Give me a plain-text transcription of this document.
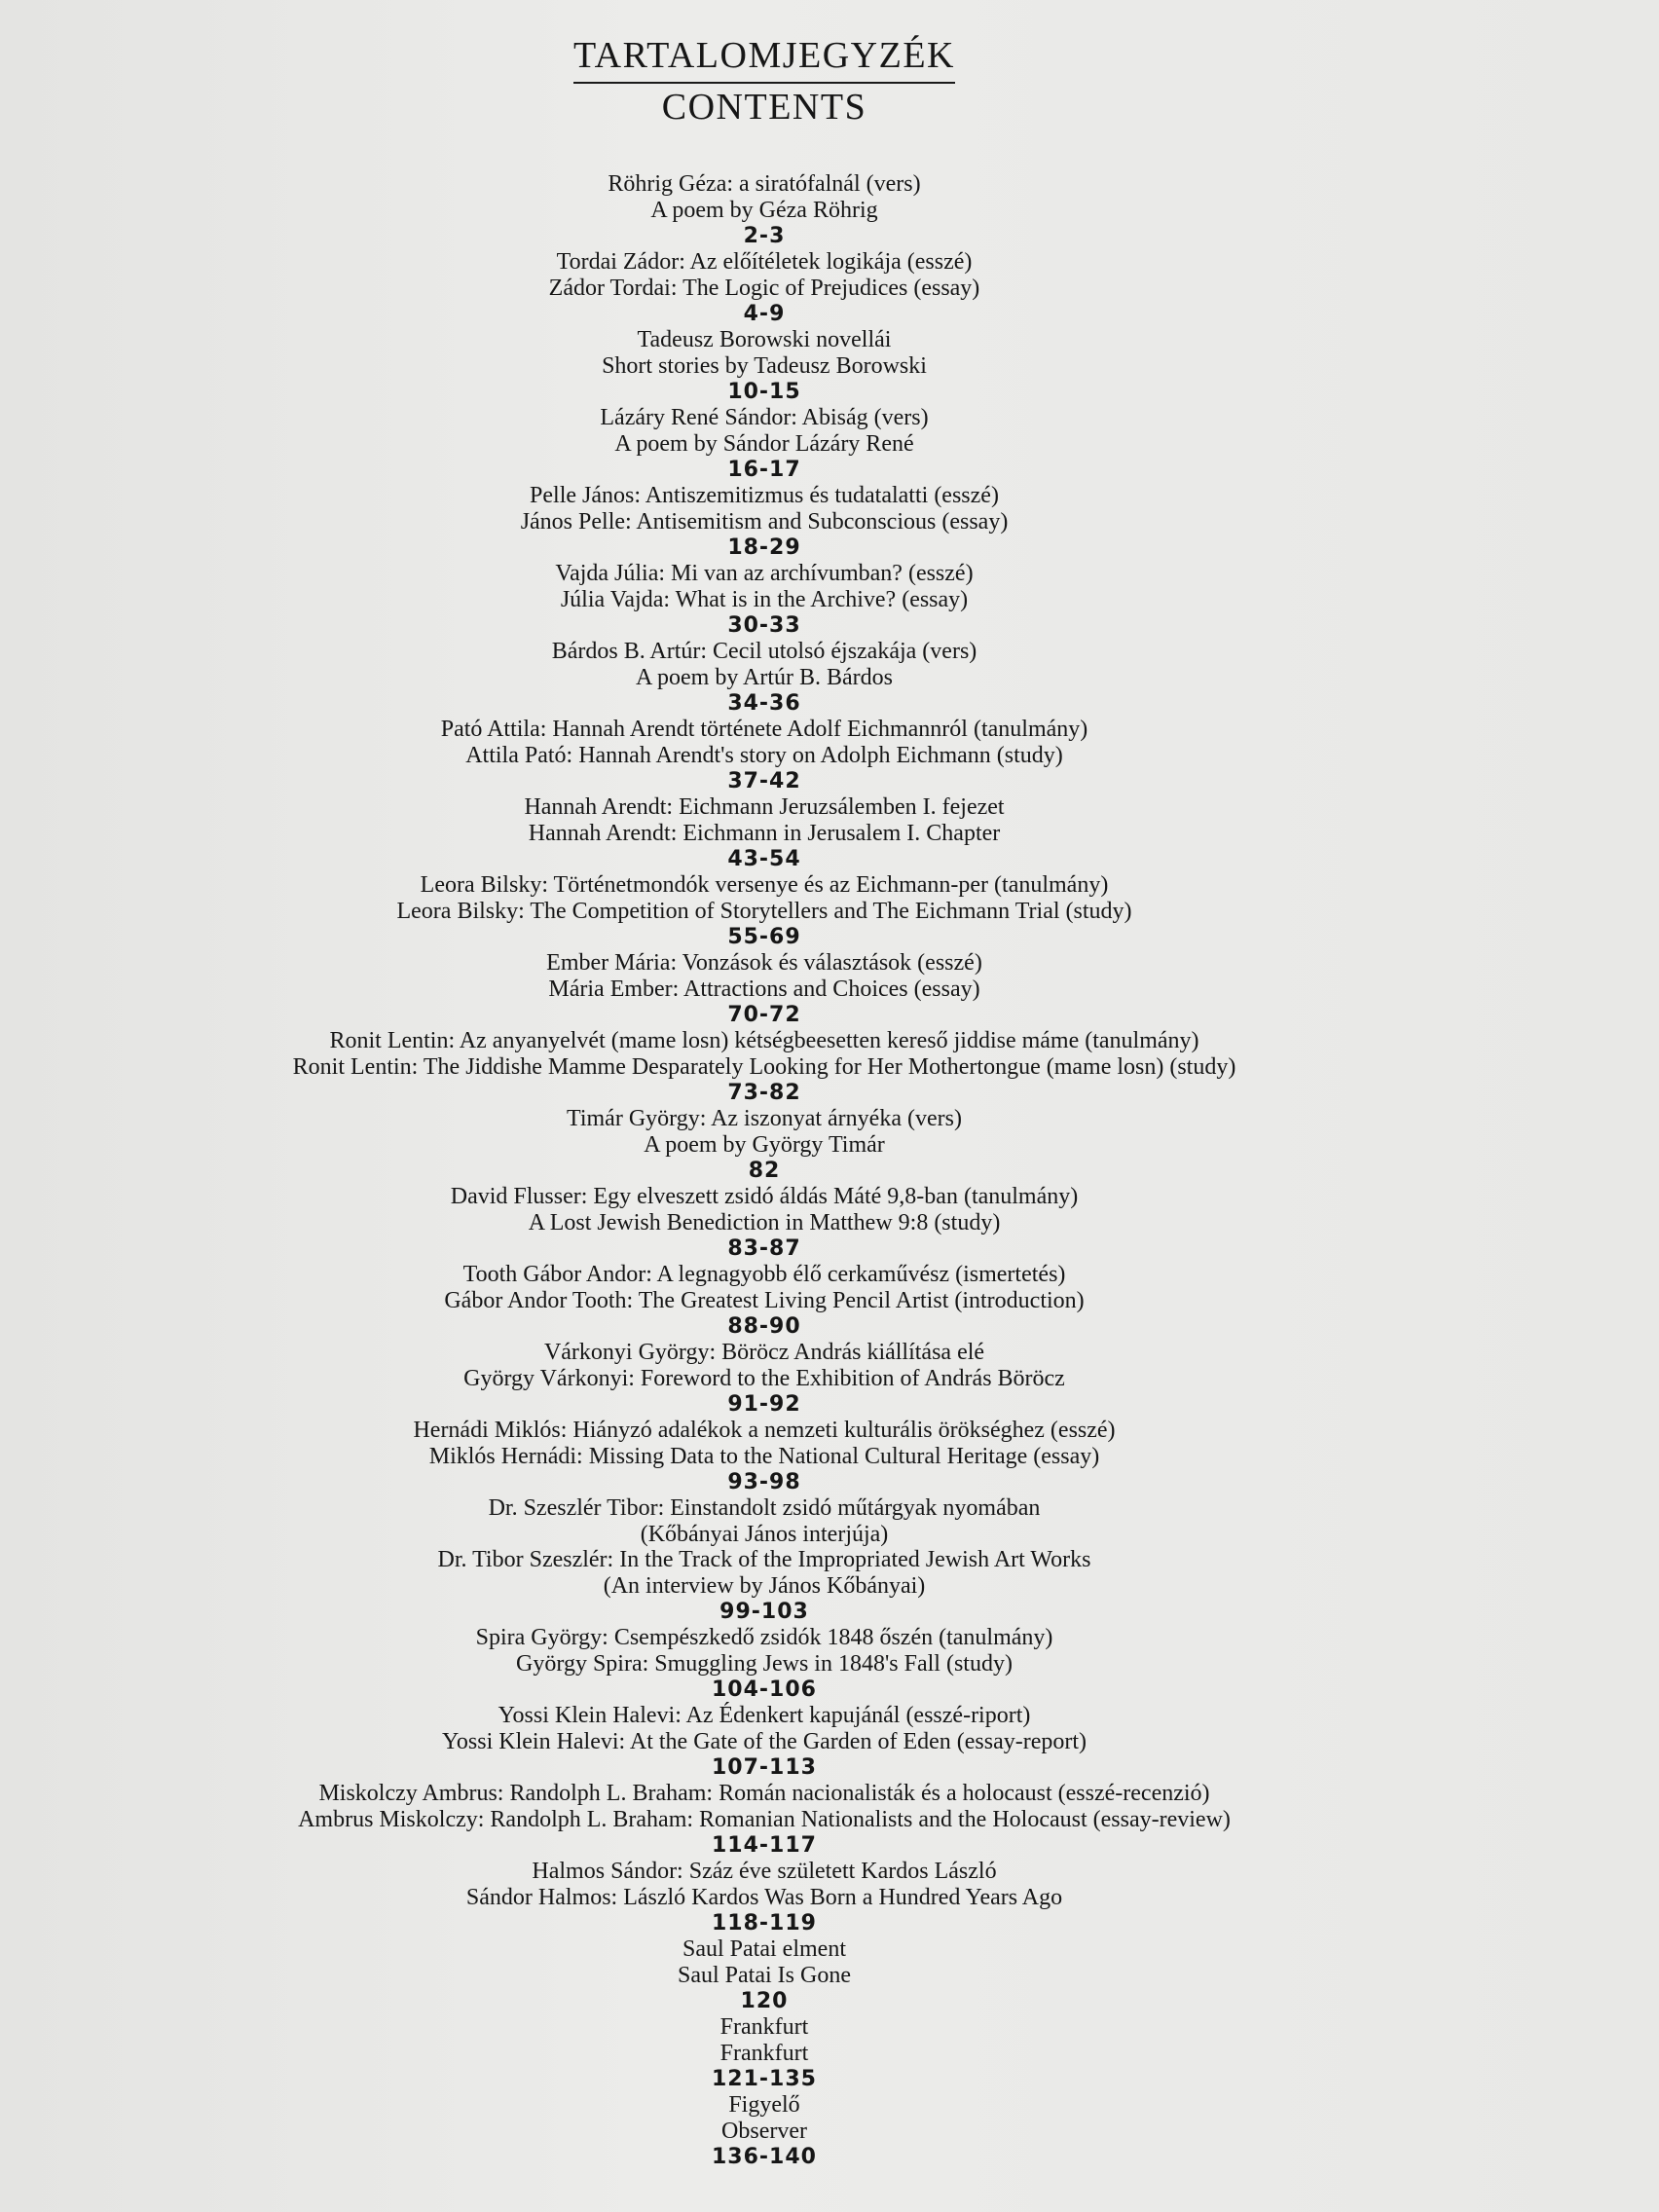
TARTALOMJEGYZÉK
CONTENTS
Röhrig Géza: a siratófalnál (vers)
A poem by Géza Röhrig
2-3
Tordai Zádor: Az előítéletek logikája (esszé)
Zádor Tordai: The Logic of Prejudices (essay)
4-9
Tadeusz Borowski novellái
Short stories by Tadeusz Borowski
10-15
Lázáry René Sándor: Abiság (vers)
A poem by Sándor Lázáry René
16-17
Pelle János: Antiszemitizmus és tudatalatti (esszé)
János Pelle: Antisemitism and Subconscious (essay)
18-29
Vajda Júlia: Mi van az archívumban? (esszé)
Júlia Vajda: What is in the Archive? (essay)
30-33
Bárdos B. Artúr: Cecil utolsó éjszakája (vers)
A poem by Artúr B. Bárdos
34-36
Pató Attila: Hannah Arendt története Adolf Eichmannról (tanulmány)
Attila Pató: Hannah Arendt's story on Adolph Eichmann (study)
37-42
Hannah Arendt: Eichmann Jeruzsálemben I. fejezet
Hannah Arendt: Eichmann in Jerusalem I. Chapter
43-54
Leora Bilsky: Történetmondók versenye és az Eichmann-per (tanulmány)
Leora Bilsky: The Competition of Storytellers and The Eichmann Trial (study)
55-69
Ember Mária: Vonzások és választások (esszé)
Mária Ember: Attractions and Choices (essay)
70-72
Ronit Lentin: Az anyanyelvét (mame losn) kétségbeesetten kereső jiddise máme (tanulmány)
Ronit Lentin: The Jiddishe Mamme Desparately Looking for Her Mothertongue (mame losn) (study)
73-82
Timár György: Az iszonyat árnyéka (vers)
A poem by György Timár
82
David Flusser: Egy elveszett zsidó áldás Máté 9,8-ban (tanulmány)
A Lost Jewish Benediction in Matthew 9:8 (study)
83-87
Tooth Gábor Andor: A legnagyobb élő cerkaművész (ismertetés)
Gábor Andor Tooth: The Greatest Living Pencil Artist (introduction)
88-90
Várkonyi György: Böröcz András kiállítása elé
György Várkonyi: Foreword to the Exhibition of András Böröcz
91-92
Hernádi Miklós: Hiányzó adalékok a nemzeti kulturális örökséghez (esszé)
Miklós Hernádi: Missing Data to the National Cultural Heritage (essay)
93-98
Dr. Szeszlér Tibor: Einstandolt zsidó műtárgyak nyomában
(Kőbányai János interjúja)
Dr. Tibor Szeszlér: In the Track of the Impropriated Jewish Art Works
(An interview by János Kőbányai)
99-103
Spira György: Csempészkedő zsidók 1848 őszén (tanulmány)
György Spira: Smuggling Jews in 1848's Fall (study)
104-106
Yossi Klein Halevi: Az Édenkert kapujánál (esszé-riport)
Yossi Klein Halevi: At the Gate of the Garden of Eden (essay-report)
107-113
Miskolczy Ambrus: Randolph L. Braham: Román nacionalisták és a holocaust (esszé-recenzió)
Ambrus Miskolczy: Randolph L. Braham: Romanian Nationalists and the Holocaust (essay-review)
114-117
Halmos Sándor: Száz éve született Kardos László
Sándor Halmos: László Kardos Was Born a Hundred Years Ago
118-119
Saul Patai elment
Saul Patai Is Gone
120
Frankfurt
Frankfurt
121-135
Figyelő
Observer
136-140
